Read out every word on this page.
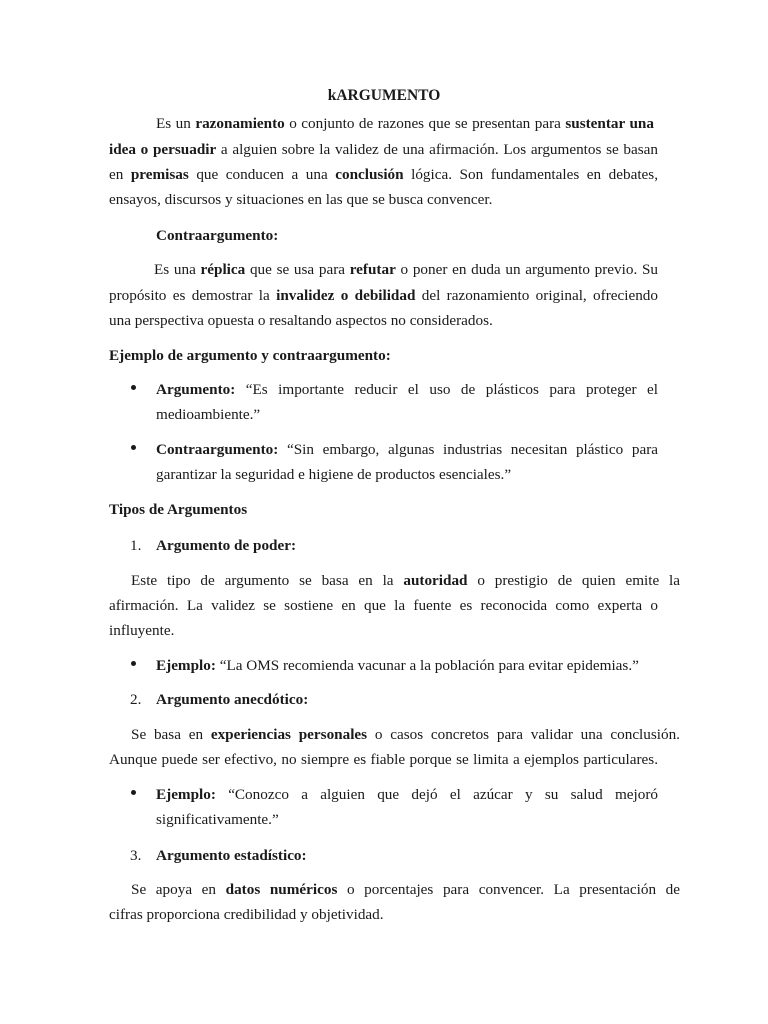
kARGUMENTO
Es un razonamiento o conjunto de razones que se presentan para sustentar una
idea o persuadir a alguien sobre la validez de una afirmación. Los argumentos se basan
en premisas que conducen a una conclusión lógica. Son fundamentales en debates,
ensayos, discursos y situaciones en las que se busca convencer.
Contraargumento:
Es una réplica que se usa para refutar o poner en duda un argumento previo. Su
propósito es demostrar la invalidez o debilidad del razonamiento original, ofreciendo
una perspectiva opuesta o resaltando aspectos no considerados.
Ejemplo de argumento y contraargumento:
Argumento: “Es importante reducir el uso de plásticos para proteger el
medioambiente.”
Contraargumento: “Sin embargo, algunas industrias necesitan plástico para
garantizar la seguridad e higiene de productos esenciales.”
Tipos de Argumentos
1. Argumento de poder:
Este tipo de argumento se basa en la autoridad o prestigio de quien emite la
afirmación. La validez se sostiene en que la fuente es reconocida como experta o
influyente.
Ejemplo: “La OMS recomienda vacunar a la población para evitar epidemias.”
2. Argumento anecdótico:
Se basa en experiencias personales o casos concretos para validar una conclusión.
Aunque puede ser efectivo, no siempre es fiable porque se limita a ejemplos particulares.
Ejemplo: “Conozco a alguien que dejó el azúcar y su salud mejoró
significativamente.”
3. Argumento estadístico:
Se apoya en datos numéricos o porcentajes para convencer. La presentación de
cifras proporciona credibilidad y objetividad.
